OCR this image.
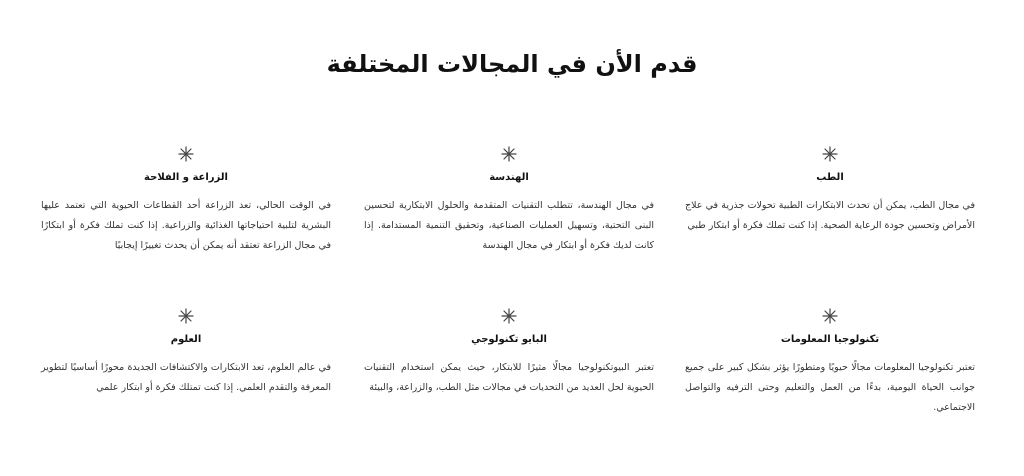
قدم الأن في المجالات المختلفة
الطب
في مجال الطب، يمكن أن تحدث الابتكارات الطبية تحولات جذرية في علاج الأمراض وتحسين جودة الرعاية الصحية. إذا كنت تملك فكرة أو ابتكار طبي
الهندسة
في مجال الهندسة، تتطلب التقنيات المتقدمة والحلول الابتكارية لتحسين البنى التحتية، وتسهيل العمليات الصناعية، وتحقيق التنمية المستدامة. إذا كانت لديك فكرة أو ابتكار في مجال الهندسة
الزراعة و الفلاحة
في الوقت الحالي، تعد الزراعة أحد القطاعات الحيوية التي تعتمد عليها البشرية لتلبية احتياجاتها الغذائية والزراعية. إذا كنت تملك فكرة أو ابتكارًا في مجال الزراعة تعتقد أنه يمكن أن يحدث تغييرًا إيجابيًا
تكنولوجيا المعلومات
تعتبر تكنولوجيا المعلومات مجالًا حيويًا ومتطورًا يؤثر بشكل كبير على جميع جوانب الحياة اليومية، بدءًا من العمل والتعليم وحتى الترفيه والتواصل الاجتماعي.
البايو تكنولوجي
تعتبر البيوتكنولوجيا مجالًا مثيرًا للابتكار، حيث يمكن استخدام التقنيات الحيوية لحل العديد من التحديات في مجالات مثل الطب، والزراعة، والبيئة
العلوم
في عالم العلوم، تعد الابتكارات والاكتشافات الجديدة محورًا أساسيًا لتطوير المعرفة والتقدم العلمي. إذا كنت تمتلك فكرة أو ابتكار علمي
